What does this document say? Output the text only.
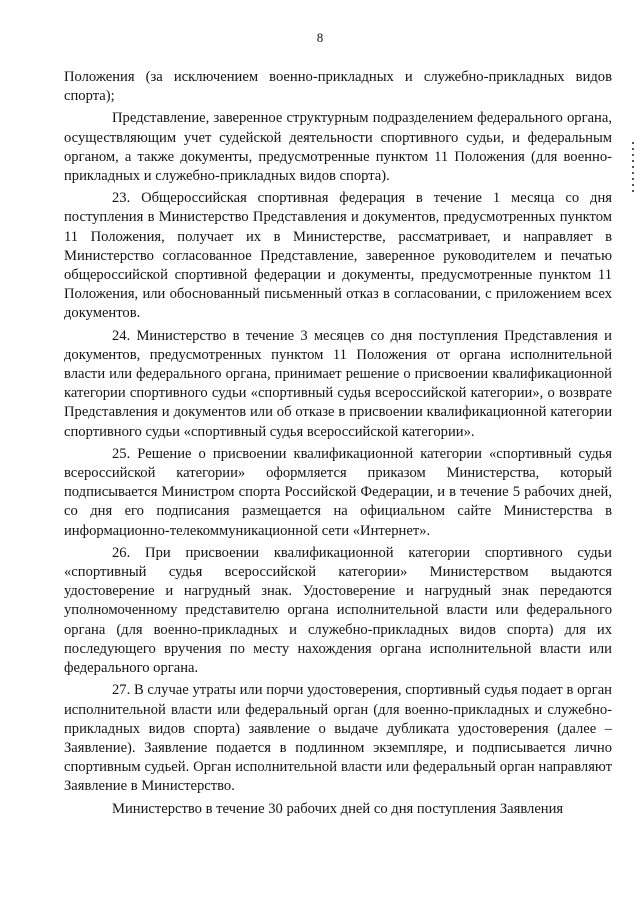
8

Положения (за исключением военно-прикладных и служебно-прикладных видов спорта);

Представление, заверенное структурным подразделением федерального органа, осуществляющим учет судейской деятельности спортивного судьи, и федеральным органом, а также документы, предусмотренные пунктом 11 Положения (для военно-прикладных и служебно-прикладных видов спорта).

23. Общероссийская спортивная федерация в течение 1 месяца со дня поступления в Министерство Представления и документов, предусмотренных пунктом 11 Положения, получает их в Министерстве, рассматривает, и направляет в Министерство согласованное Представление, заверенное руководителем и печатью общероссийской спортивной федерации и документы, предусмотренные пунктом 11 Положения, или обоснованный письменный отказ в согласовании, с приложением всех документов.

24. Министерство в течение 3 месяцев со дня поступления Представления и документов, предусмотренных пунктом 11 Положения от органа исполнительной власти или федерального органа, принимает решение о присвоении квалификационной категории спортивного судьи «спортивный судья всероссийской категории», о возврате Представления и документов или об отказе в присвоении квалификационной категории спортивного судьи «спортивный судья всероссийской категории».

25. Решение о присвоении квалификационной категории «спортивный судья всероссийской категории» оформляется приказом Министерства, который подписывается Министром спорта Российской Федерации, и в течение 5 рабочих дней, со дня его подписания размещается на официальном сайте Министерства в информационно-телекоммуникационной сети «Интернет».

26. При присвоении квалификационной категории спортивного судьи «спортивный судья всероссийской категории» Министерством выдаются удостоверение и нагрудный знак. Удостоверение и нагрудный знак передаются уполномоченному представителю органа исполнительной власти или федерального органа (для военно-прикладных и служебно-прикладных видов спорта) для их последующего вручения по месту нахождения органа исполнительной власти или федерального органа.

27. В случае утраты или порчи удостоверения, спортивный судья подает в орган исполнительной власти или федеральный орган (для военно-прикладных и служебно-прикладных видов спорта) заявление о выдаче дубликата удостоверения (далее – Заявление). Заявление подается в подлинном экземпляре, и подписывается лично спортивным судьей. Орган исполнительной власти или федеральный орган направляют Заявление в Министерство.

Министерство в течение 30 рабочих дней со дня поступления Заявления
